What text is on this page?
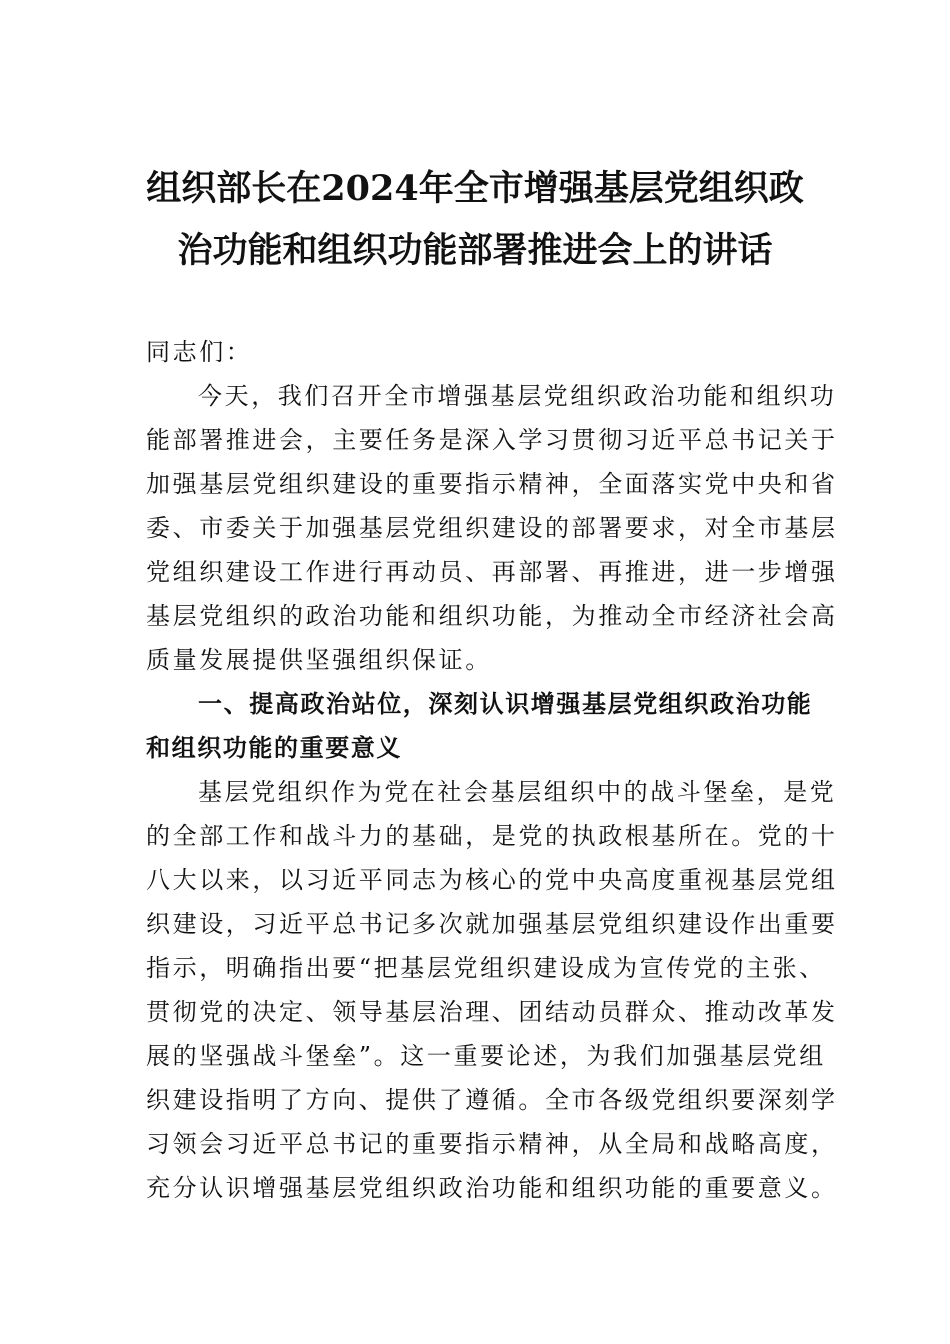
组织部长在2024年全市增强基层党组织政
治功能和组织功能部署推进会上的讲话

同志们：

今天，我们召开全市增强基层党组织政治功能和组织功
能部署推进会，主要任务是深入学习贯彻习近平总书记关于
加强基层党组织建设的重要指示精神，全面落实党中央和省
委、市委关于加强基层党组织建设的部署要求，对全市基层
党组织建设工作进行再动员、再部署、再推进，进一步增强
基层党组织的政治功能和组织功能，为推动全市经济社会高
质量发展提供坚强组织保证。

一、提高政治站位，深刻认识增强基层党组织政治功能
和组织功能的重要意义

基层党组织作为党在社会基层组织中的战斗堡垒，是党
的全部工作和战斗力的基础，是党的执政根基所在。党的十
八大以来，以习近平同志为核心的党中央高度重视基层党组
织建设，习近平总书记多次就加强基层党组织建设作出重要
指示，明确指出要“把基层党组织建设成为宣传党的主张、
贯彻党的决定、领导基层治理、团结动员群众、推动改革发
展的坚强战斗堡垒”。这一重要论述，为我们加强基层党组
织建设指明了方向、提供了遵循。全市各级党组织要深刻学
习领会习近平总书记的重要指示精神，从全局和战略高度，
充分认识增强基层党组织政治功能和组织功能的重要意义。
